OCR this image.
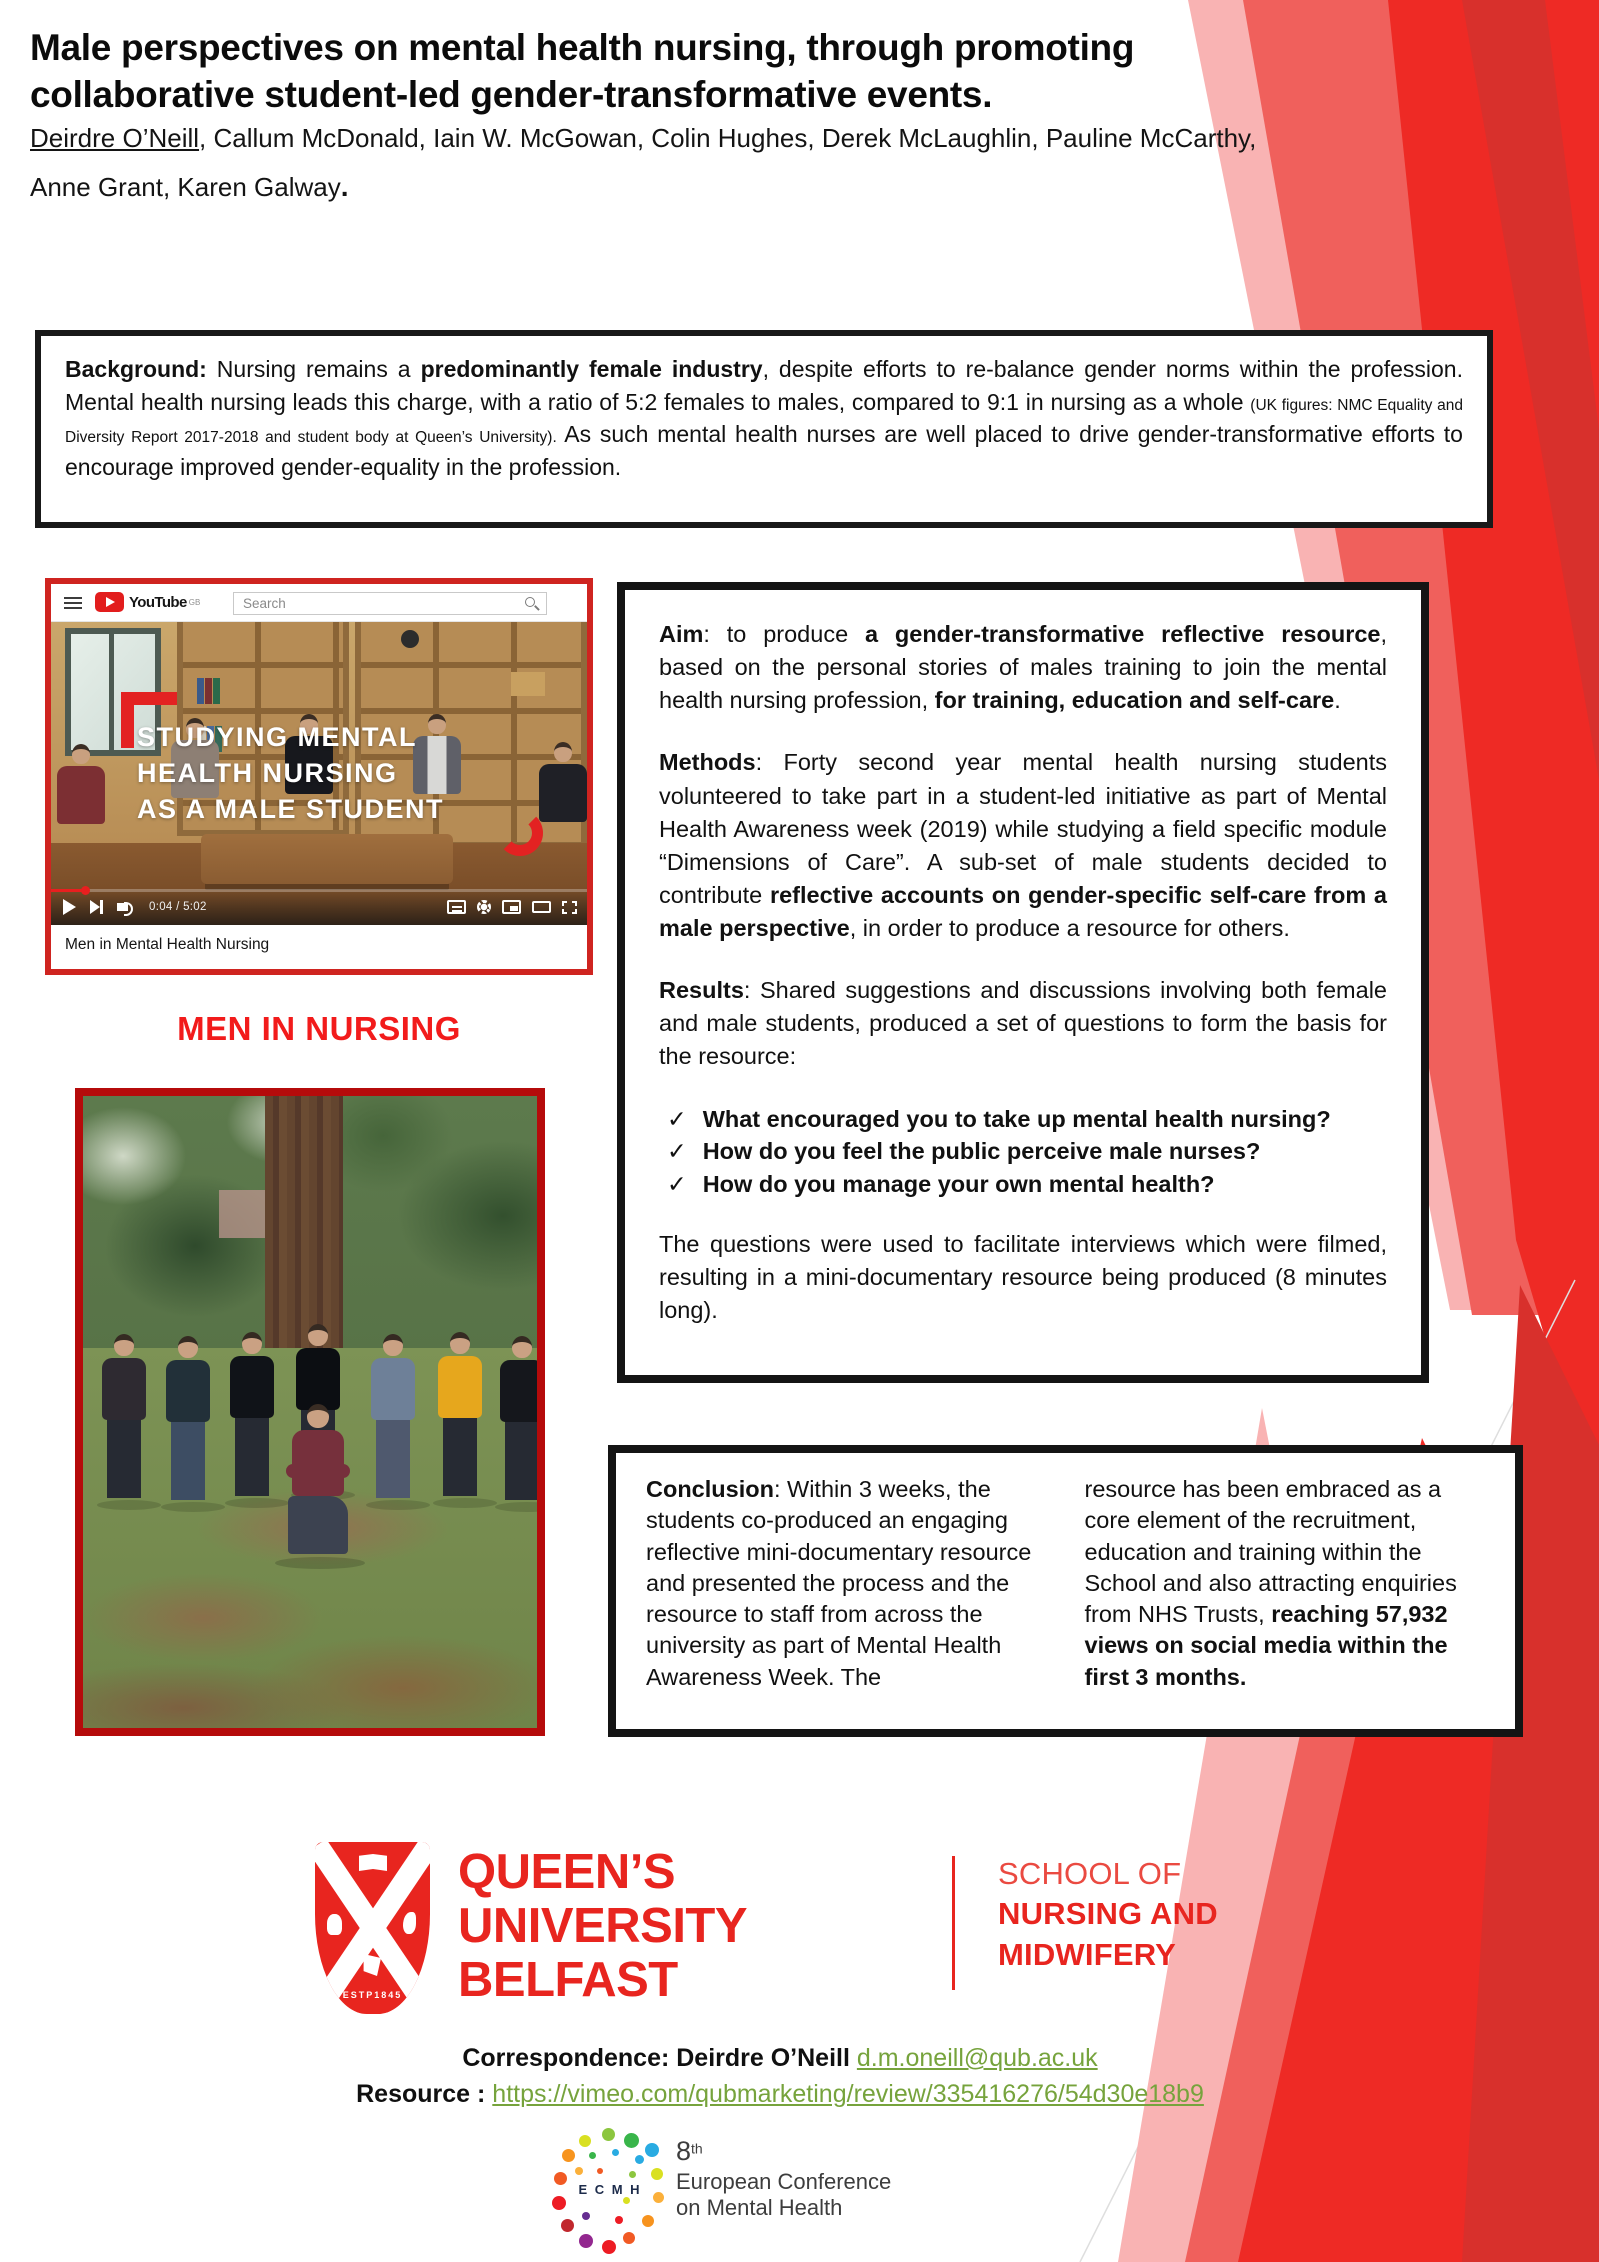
Male perspectives on mental health nursing, through promoting
collaborative student-led gender-transformative events.
Deirdre O’Neill, Callum McDonald, Iain W. McGowan, Colin Hughes, Derek McLaughlin, Pauline McCarthy,
Anne Grant, Karen Galway.
Background: Nursing remains a predominantly female industry, despite efforts to re-balance gender norms within the profession. Mental health nursing leads this charge, with a ratio of 5:2 females to males, compared to 9:1 in nursing as a whole (UK figures: NMC Equality and Diversity Report 2017-2018 and student body at Queen’s University). As such mental health nurses are well placed to drive gender-transformative efforts to encourage improved gender-equality in the profession.
YouTube GB
Search
STUDYING MENTAL
HEALTH NURSING
AS A MALE STUDENT
0:04 / 5:02
Men in Mental Health Nursing
MEN IN NURSING

Aim: to produce a gender-transformative reflective resource, based on the personal stories of males training to join the mental health nursing profession, for training, education and self-care.

Methods: Forty second year mental health nursing students volunteered to take part in a student-led initiative as part of Mental Health Awareness week (2019) while studying a field specific module “Dimensions of Care”. A sub-set of male students decided to contribute reflective accounts on gender-specific self-care from a male perspective, in order to produce a resource for others.

Results: Shared suggestions and discussions involving both female and male students, produced a set of questions to form the basis for the resource:

✓ What encouraged you to take up mental health nursing?
✓ How do you feel the public perceive male nurses?
✓ How do you manage your own mental health?

The questions were used to facilitate interviews which were filmed, resulting in a mini-documentary resource being produced (8 minutes long).

Conclusion: Within 3 weeks, the students co-produced an engaging reflective mini-documentary resource and presented the process and the resource to staff from across the university as part of Mental Health Awareness Week. The
resource has been embraced as a core element of the recruitment, education and training within the School and also attracting enquiries from NHS Trusts, reaching 57,932 views on social media within the first 3 months.
ESTP1845
QUEEN’S
UNIVERSITY
BELFAST
SCHOOL OF
NURSING AND
MIDWIFERY
Correspondence: Deirdre O’Neill d.m.oneill@qub.ac.uk
Resource : https://vimeo.com/qubmarketing/review/335416276/54d30e18b9
E C M H
8th
European Conference
on Mental Health
